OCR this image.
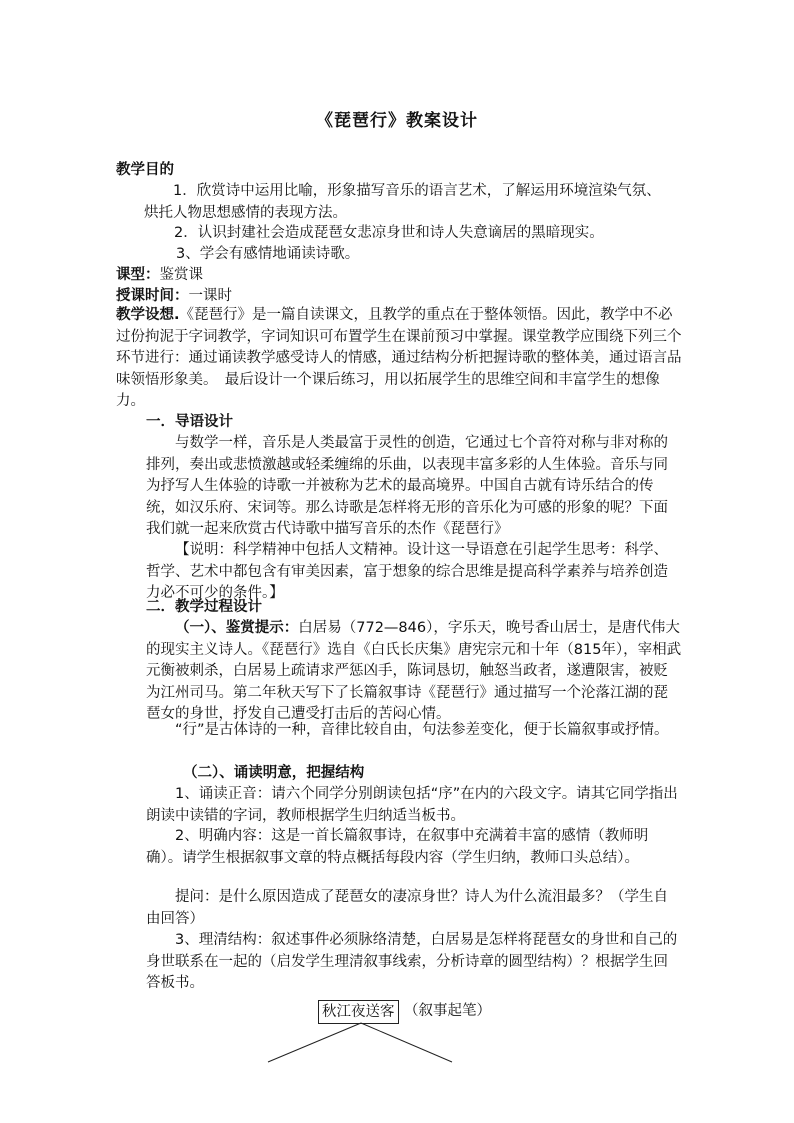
《琵琶行》教案设计
教学目的
1．欣赏诗中运用比喻，形象描写音乐的语言艺术，了解运用环境渲染气氛、烘托人物思想感情的表现方法。
2．认识封建社会造成琵琶女悲凉身世和诗人失意谪居的黑暗现实。
3、学会有感情地诵读诗歌。
课型：鉴赏课
授课时间：一课时
教学设想.《琵琶行》是一篇自读课文，且教学的重点在于整体领悟。因此，教学中不必过份拘泥于字词教学，字词知识可布置学生在课前预习中掌握。课堂教学应围绕下列三个环节进行：通过诵读教学感受诗人的情感，通过结构分析把握诗歌的整体美，通过语言品味领悟形象美。　最后设计一个课后练习，用以拓展学生的思维空间和丰富学生的想像力。
一．导语设计
与数学一样，音乐是人类最富于灵性的创造，它通过七个音符对称与非对称的排列，奏出或悲愤激越或轻柔缠绵的乐曲，以表现丰富多彩的人生体验。音乐与同为抒写人生体验的诗歌一并被称为艺术的最高境界。中国自古就有诗乐结合的传统，如汉乐府、宋词等。那么诗歌是怎样将无形的音乐化为可感的形象的呢？下面我们就一起来欣赏古代诗歌中描写音乐的杰作《琵琶行》
【说明：科学精神中包括人文精神。设计这一导语意在引起学生思考：科学、哲学、艺术中都包含有审美因素，富于想象的综合思维是提高科学素养与培养创造力必不可少的条件。】
二．教学过程设计
（一）、鉴赏提示：白居易（772—846），字乐天，晚号香山居士，是唐代伟大的现实主义诗人。《琵琶行》选自《白氏长庆集》唐宪宗元和十年（815年），宰相武元衡被刺杀，白居易上疏请求严惩凶手，陈词恳切，触怒当政者，遂遭限害，被贬为江州司马。第二年秋天写下了长篇叙事诗《琵琶行》通过描写一个沦落江湖的琵琶女的身世，抒发自己遭受打击后的苦闷心情。
“行”是古体诗的一种，音律比较自由，句法参差变化，便于长篇叙事或抒情。
（二）、诵读明意，把握结构
1、诵读正音：请六个同学分别朗读包括“序”在内的六段文字。请其它同学指出朗读中读错的字词，教师根据学生归纳适当板书。
2、明确内容：这是一首长篇叙事诗，在叙事中充满着丰富的感情（教师明确）。请学生根据叙事文章的特点概括每段内容（学生归纳，教师口头总结）。
提问：是什么原因造成了琵琶女的凄凉身世？诗人为什么流泪最多？（学生自由回答）
3、理清结构：叙述事件必须脉络清楚，白居易是怎样将琵琶女的身世和自己的身世联系在一起的（启发学生理清叙事线索，分析诗章的圆型结构）？根据学生回答板书。
秋江夜送客 （叙事起笔）
